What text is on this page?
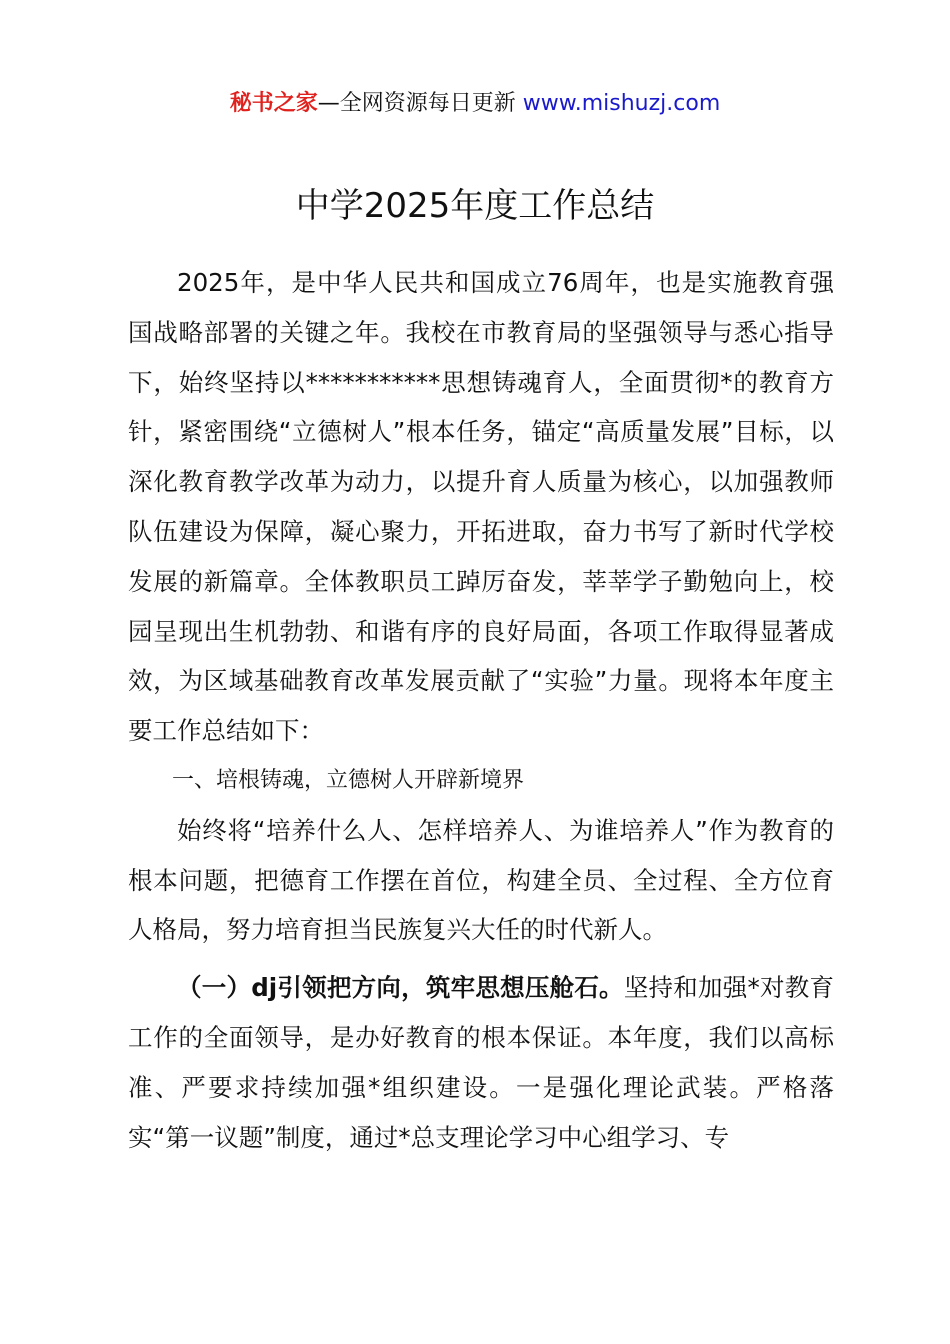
秘书之家—全网资源每日更新 www.mishuzj.com
中学2025年度工作总结

2025年，是中华人民共和国成立76周年，也是实施教育强国战略部署的关键之年。我校在市教育局的坚强领导与悉心指导下，始终坚持以***********思想铸魂育人，全面贯彻*的教育方针，紧密围绕“立德树人”根本任务，锚定“高质量发展”目标，以深化教育教学改革为动力，以提升育人质量为核心，以加强教师队伍建设为保障，凝心聚力，开拓进取，奋力书写了新时代学校发展的新篇章。全体教职员工踔厉奋发，莘莘学子勤勉向上，校园呈现出生机勃勃、和谐有序的良好局面，各项工作取得显著成效，为区域基础教育改革发展贡献了“实验”力量。现将本年度主要工作总结如下：

一、培根铸魂，立德树人开辟新境界

始终将“培养什么人、怎样培养人、为谁培养人”作为教育的根本问题，把德育工作摆在首位，构建全员、全过程、全方位育人格局，努力培育担当民族复兴大任的时代新人。

（一）dj引领把方向，筑牢思想压舱石。坚持和加强*对教育工作的全面领导，是办好教育的根本保证。本年度，我们以高标准、严要求持续加强*组织建设。一是强化理论武装。严格落实“第一议题”制度，通过*总支理论学习中心组学习、专
